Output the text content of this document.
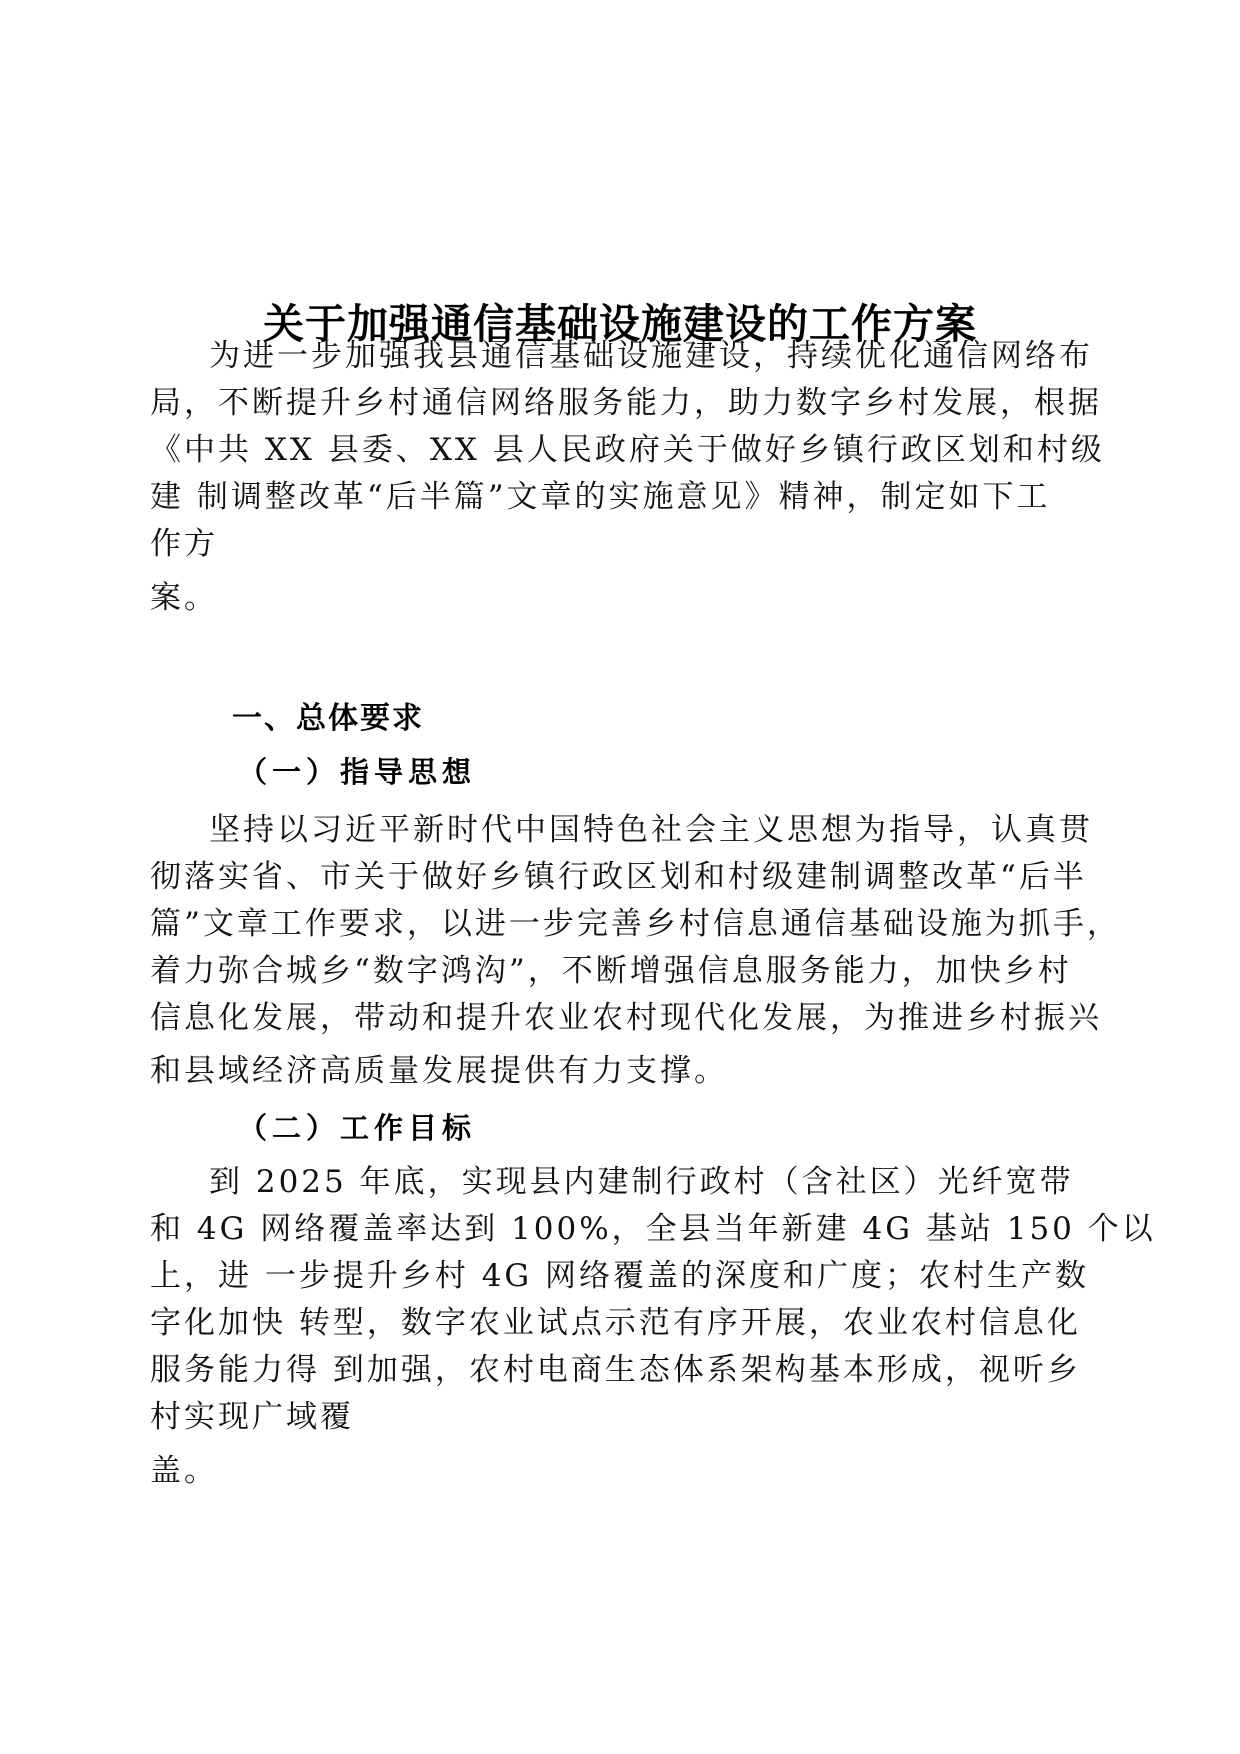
关于加强通信基础设施建设的工作方案
为进一步加强我县通信基础设施建设，持续优化通信网络布
局，不断提升乡村通信网络服务能力，助力数字乡村发展，根据
《中共 XX 县委、XX 县人民政府关于做好乡镇行政区划和村级
建 制调整改革“后半篇”文章的实施意见》精神，制定如下工
作方
案。
一、总体要求
（一）指导思想
坚持以习近平新时代中国特色社会主义思想为指导，认真贯
彻落实省、市关于做好乡镇行政区划和村级建制调整改革“后半
篇”文章工作要求，以进一步完善乡村信息通信基础设施为抓手，
着力弥合城乡“数字鸿沟”，不断增强信息服务能力，加快乡村
信息化发展，带动和提升农业农村现代化发展，为推进乡村振兴
和县域经济高质量发展提供有力支撑。
（二）工作目标
到 2025 年底，实现县内建制行政村（含社区）光纤宽带
和 4G 网络覆盖率达到 100%，全县当年新建 4G 基站 150 个以
上，进 一步提升乡村 4G 网络覆盖的深度和广度；农村生产数
字化加快 转型，数字农业试点示范有序开展，农业农村信息化
服务能力得 到加强，农村电商生态体系架构基本形成，视听乡
村实现广域覆
盖。
